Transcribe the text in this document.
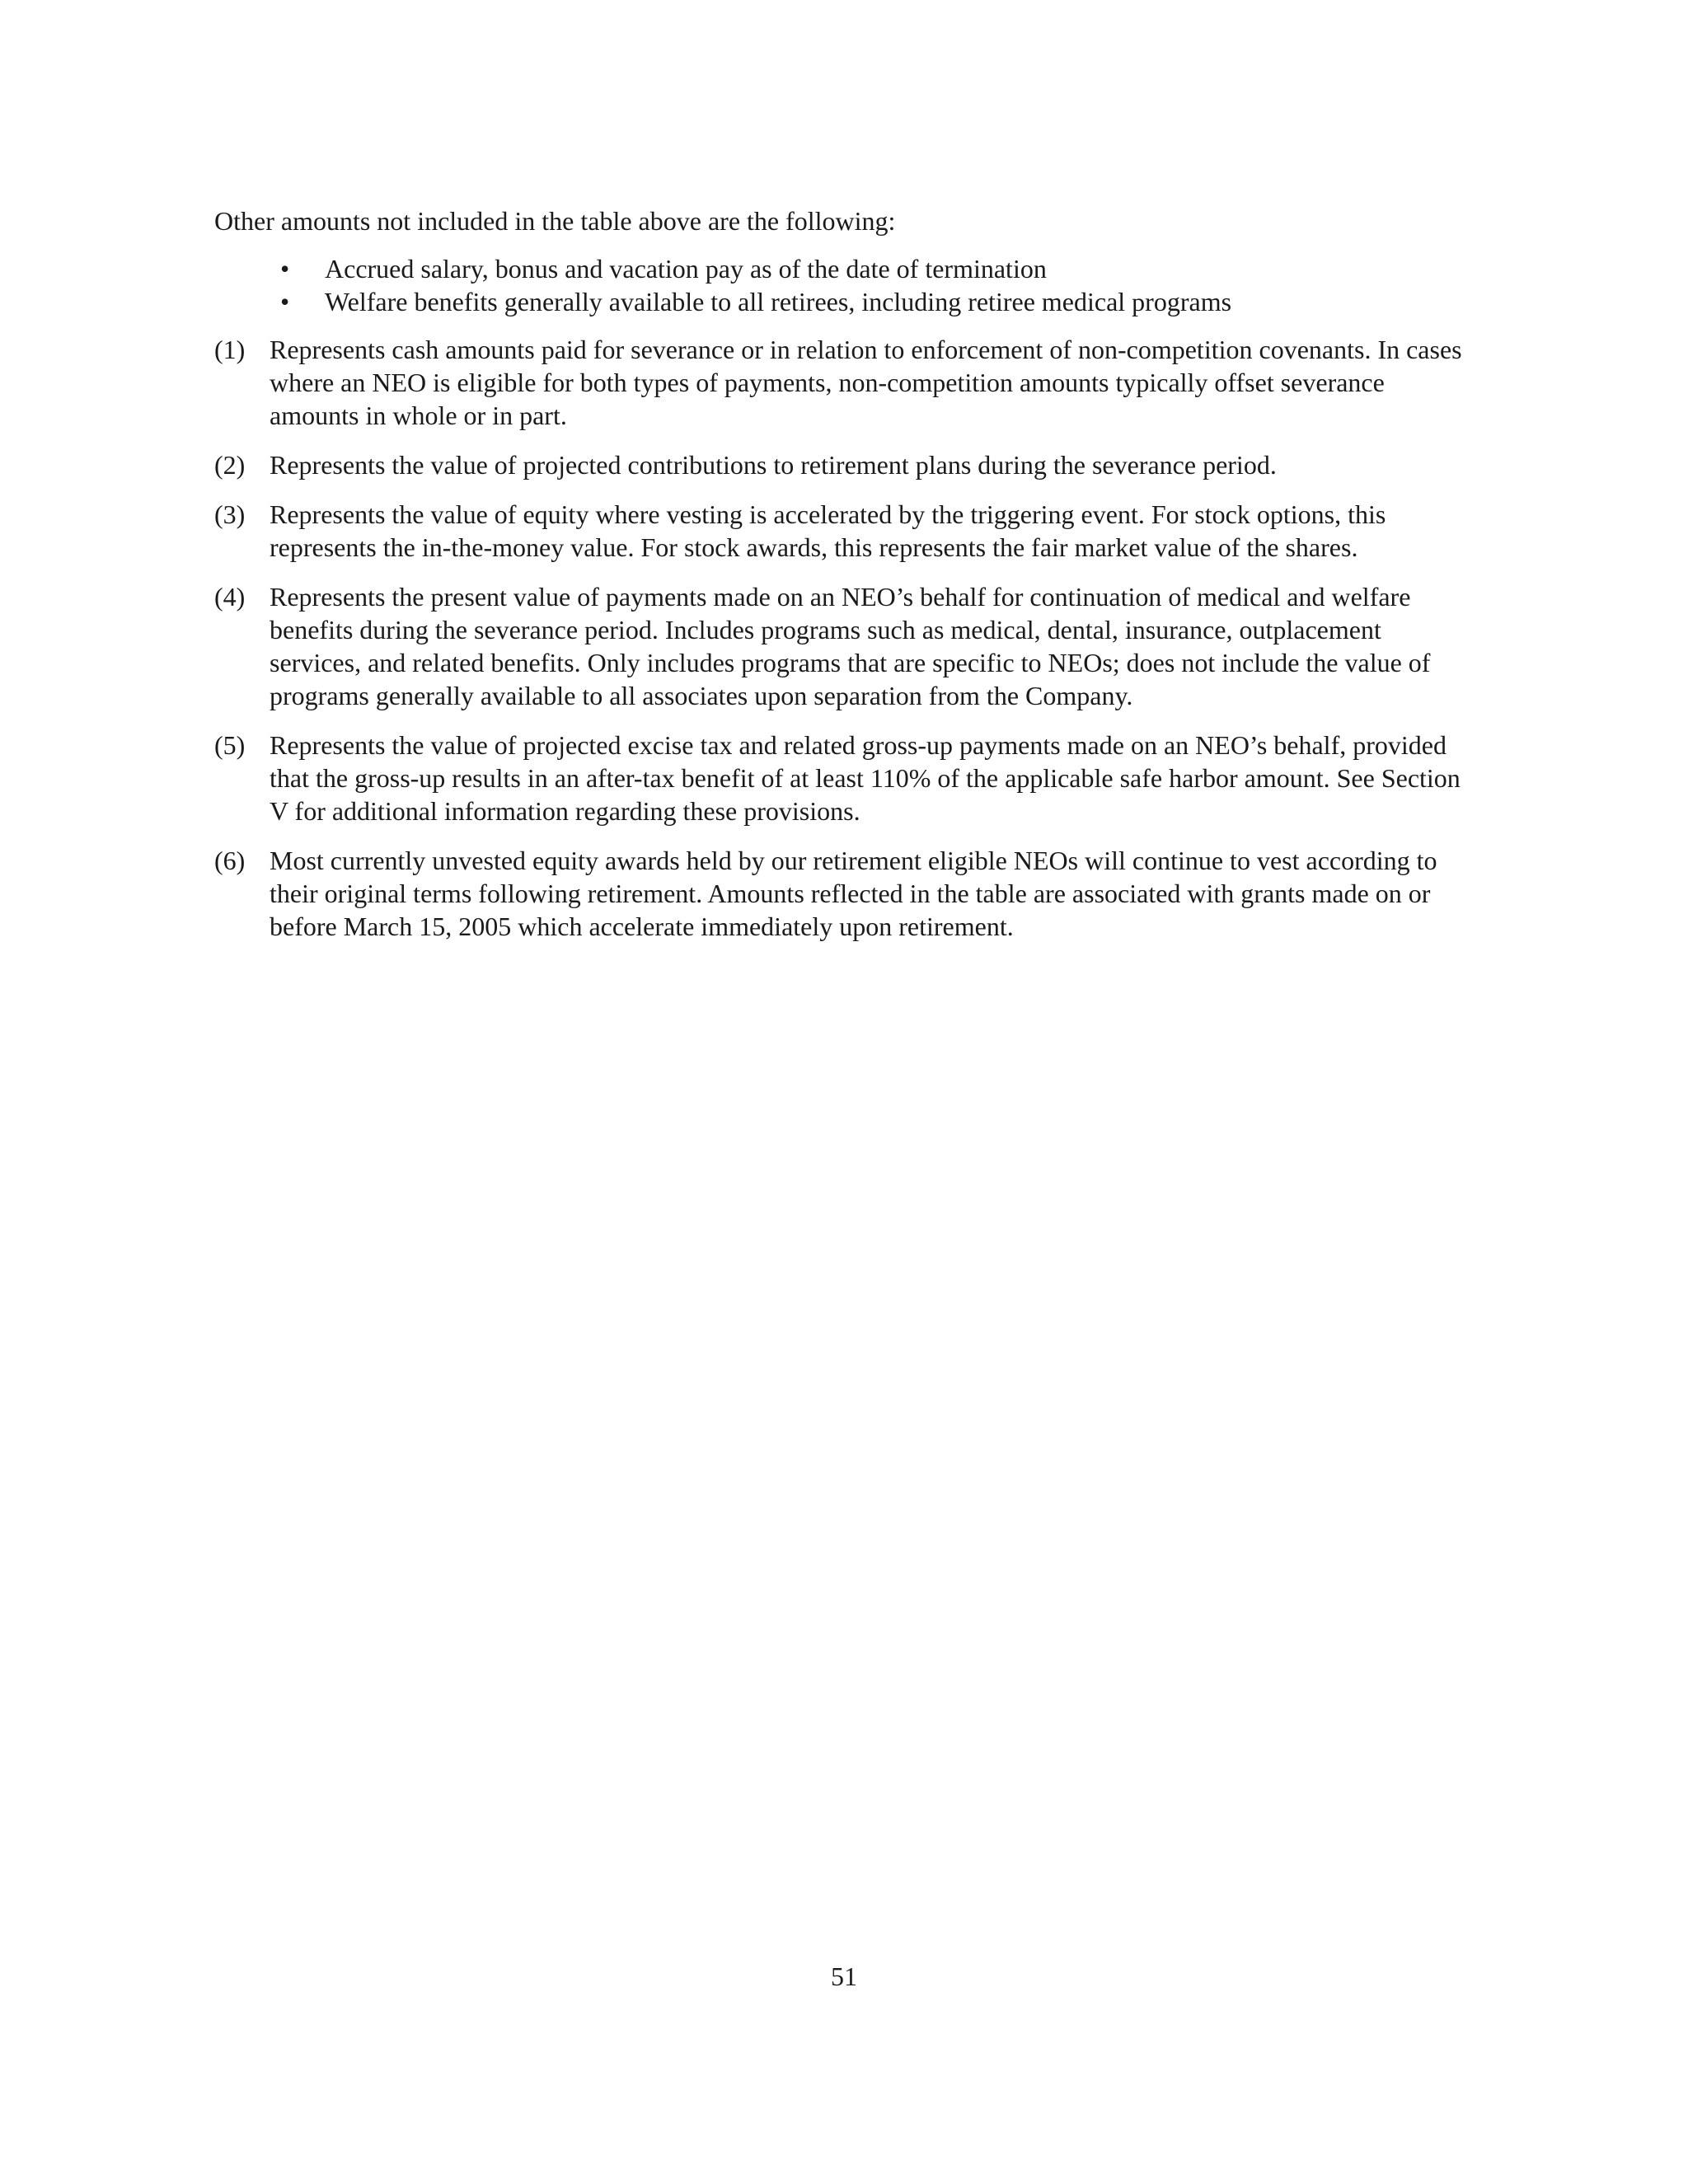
Other amounts not included in the table above are the following:

• Accrued salary, bonus and vacation pay as of the date of termination
• Welfare benefits generally available to all retirees, including retiree medical programs
(1) Represents cash amounts paid for severance or in relation to enforcement of non-competition covenants. In cases where an NEO is eligible for both types of payments, non-competition amounts typically offset severance amounts in whole or in part.
(2) Represents the value of projected contributions to retirement plans during the severance period.
(3) Represents the value of equity where vesting is accelerated by the triggering event. For stock options, this represents the in-the-money value. For stock awards, this represents the fair market value of the shares.
(4) Represents the present value of payments made on an NEO’s behalf for continuation of medical and welfare benefits during the severance period. Includes programs such as medical, dental, insurance, outplacement services, and related benefits. Only includes programs that are specific to NEOs; does not include the value of programs generally available to all associates upon separation from the Company.
(5) Represents the value of projected excise tax and related gross-up payments made on an NEO’s behalf, provided that the gross-up results in an after-tax benefit of at least 110% of the applicable safe harbor amount. See Section V for additional information regarding these provisions.
(6) Most currently unvested equity awards held by our retirement eligible NEOs will continue to vest according to their original terms following retirement. Amounts reflected in the table are associated with grants made on or before March 15, 2005 which accelerate immediately upon retirement.
51
